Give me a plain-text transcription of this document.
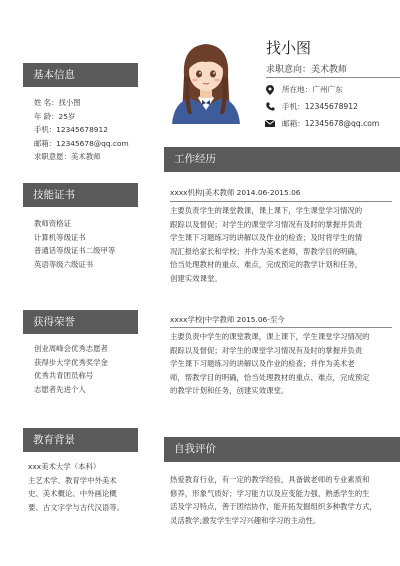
找小图
求职意向：美术教师
所在地：广州广东
手机：12345678912
邮箱：12345678@qq.com
基本信息
姓 名：找小图
年 龄：25岁
手机：12345678912
邮箱：12345678@qq.com
求职意愿：美术教师
技能证书
教师资格证
计算机等级证书
普通话等级证书二级甲等
英语等级六级证书
获得荣誉
创业周峰会优秀志愿者
获得步大学优秀奖学金
优秀共青团员称号
志愿者先进个人
教育背景
xxx美术大学（本科）
主艺术学、教育学中外美术
史、美术概论、中外画论概
要、古文字学与古代汉语等。
工作经历
xxxx机构|美术教师 2014.06-2015.06
主要负责学生的课堂教课，课上课下，学生课堂学习情况的
跟踪以及督促；对学生的课堂学习情况有及时的掌握并负责
学生课下习题练习的讲解以及作业的检查；及时将学生的情
况汇报给家长和学校；并作为美术老师，帮教学目的明确，
恰当处理教材的重点、难点，完成预定的教学计划和任务，
创建实效课堂。
xxxx学校|中学教师 2015.06-至今
主要负责中学生的课堂教课，课上课下，学生课堂学习情况的
跟踪以及督促；对学生的课堂学习情况有及时的掌握并负责
学生课下习题练习的讲解以及作业的检查；并作为美术老
师，帮教学目的明确，恰当处理教材的重点、难点，完成预定
的教学计划和任务，创建实效课堂。
自我评价
热爱教育行业，有一定的教学经验，具备做老师的专业素质和
修养，形象气质好；学习能力以及应变能力强，熟悉学生的生
活及学习特点，善于团结协作，能开拓发掘组织多种教学方式，
灵活教学;激发学生学习兴趣和学习的主动性。
